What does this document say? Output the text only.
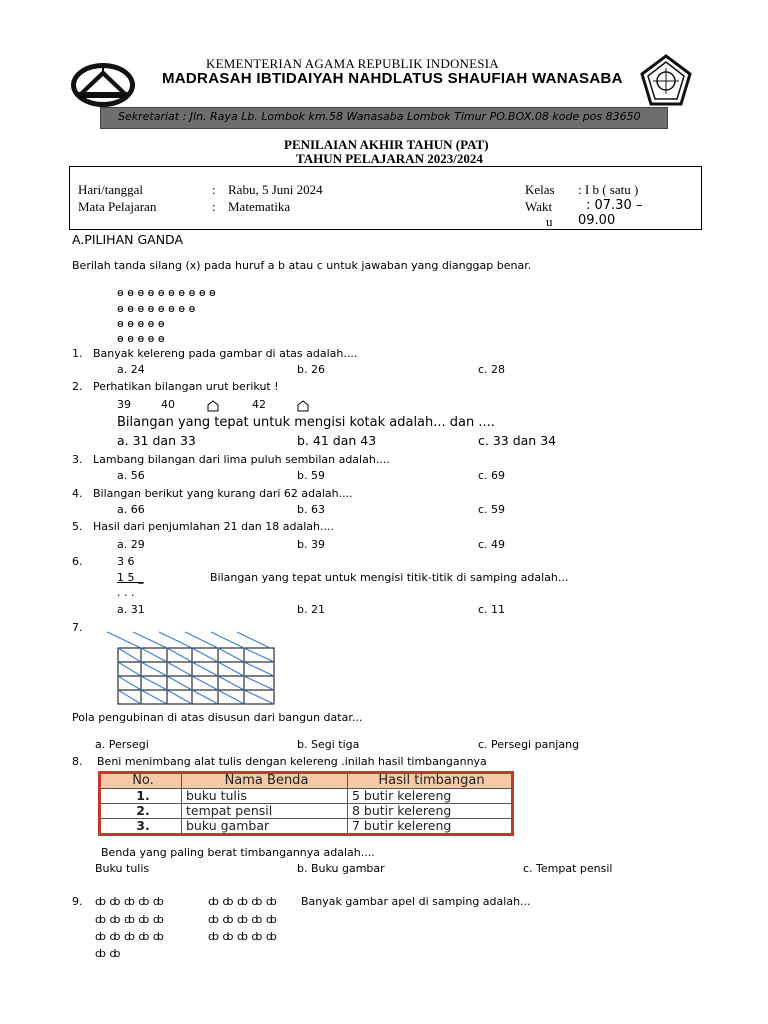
NAHDLATUS SHAUFIAH
KEMENTERIAN AGAMA REPUBLIK INDONESIA
MADRASAH IBTIDAIYAH NAHDLATUS SHAUFIAH WANASABA
Sekretariat : Jln. Raya Lb. Lombok km.58 Wanasaba Lombok Timur PO.BOX.08 kode pos 83650
PENILAIAN AKHIR TAHUN (PAT)
TAHUN PELAJARAN 2023/2024
Hari/tanggal	: Rabu, 5 Juni 2024
Mata Pelajaran	: Matematika
Kelas : I b ( satu )
Wakt
u
: 07.30 –
09.00
A.PILIHAN GANDA
Berilah tanda silang (x) pada huruf a b atau c untuk jawaban yang dianggap benar.
ɵ ɵ ɵ ɵ ɵ ɵ ɵ ɵ ɵ ɵ
ɵ ɵ ɵ ɵ ɵ ɵ ɵ ɵ
ɵ ɵ ɵ ɵ ɵ
ɵ ɵ ɵ ɵ ɵ
1. Banyak kelereng pada gambar di atas adalah....
a. 24	b. 26	c. 28
2. Perhatikan bilangan urut berikut !
39	40	42
Bilangan yang tepat untuk mengisi kotak adalah... dan ....
a. 31 dan 33	b. 41 dan 43	c. 33 dan 34
3. Lambang bilangan dari lima puluh sembilan adalah....
a. 56	b. 59	c. 69
4. Bilangan berikut yang kurang dari 62 adalah....
a. 66	b. 63	c. 59
5. Hasil dari penjumlahan 21 dan 18 adalah....
a. 29	b. 39	c. 49
6.	3 6
1 5 _
. . .
Bilangan yang tepat untuk mengisi titik-titik di samping adalah...
a. 31	b. 21	c. 11
7.
Pola pengubinan di atas disusun dari bangun datar...
a. Persegi	b. Segi tiga	c. Persegi panjang
8. Beni menimbang alat tulis dengan kelereng .inilah hasil timbangannya
No.	Nama Benda	Hasil timbangan
1.	buku tulis	5 butir kelereng
2.	tempat pensil	8 butir kelereng
3.	buku gambar	7 butir kelereng
Benda yang paling berat timbangannya adalah....
Buku tulis	b. Buku gambar	c. Tempat pensil
9. ȸ ȸ ȸ ȸ ȸ
ȸ ȸ ȸ ȸ ȸ
ȸ ȸ ȸ ȸ ȸ
ȸ ȸ
ȸ ȸ ȸ ȸ ȸ
ȸ ȸ ȸ ȸ ȸ
ȸ ȸ ȸ ȸ ȸ
Banyak gambar apel di samping adalah...
